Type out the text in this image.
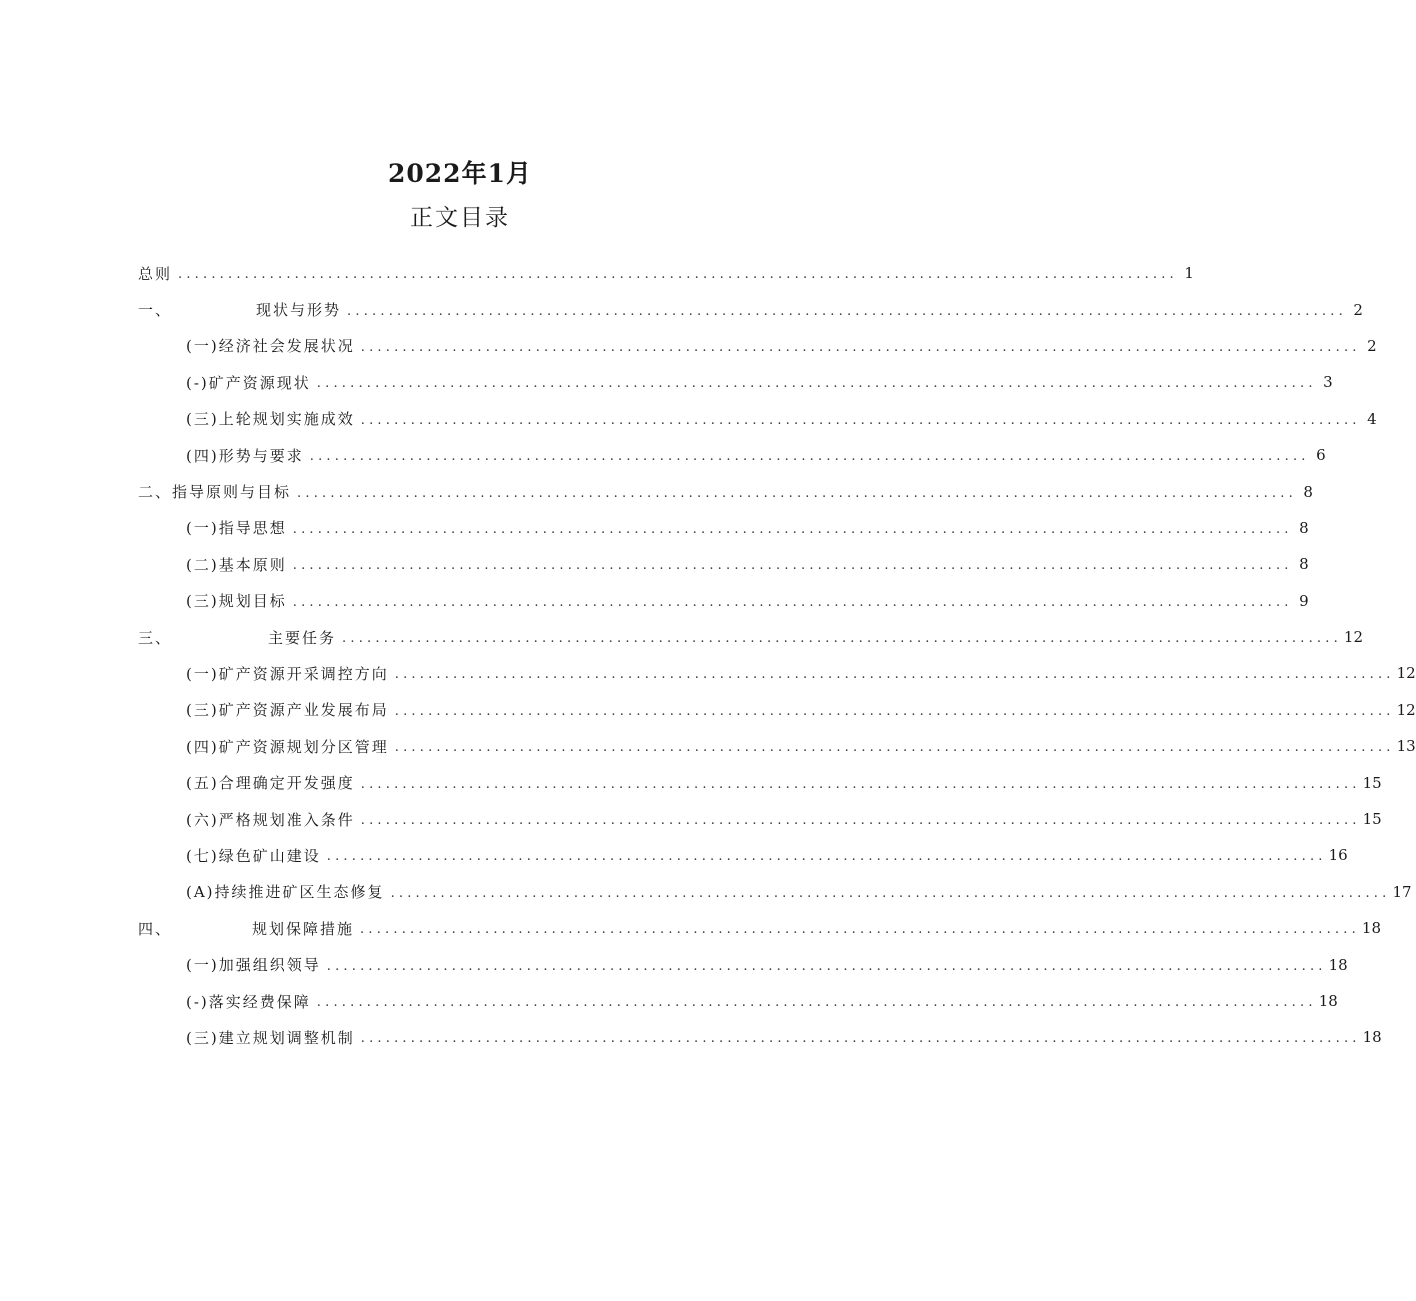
2022年1月
正文目录
总则 ........................................................................................................................ 1
一、	现状与形势 ........................................................................................................................ 2
(一)经济社会发展状况 ........................................................................................................................ 2
(-)矿产资源现状 ........................................................................................................................ 3
(三)上轮规划实施成效 ........................................................................................................................ 4
(四)形势与要求 ........................................................................................................................ 6
二、指导原则与目标 ........................................................................................................................ 8
(一)指导思想 ........................................................................................................................ 8
(二)基本原则 ........................................................................................................................ 8
(三)规划目标 ........................................................................................................................ 9
三、	主要任务 ........................................................................................................................ 12
(一)矿产资源开采调控方向 ........................................................................................................................ 12
(三)矿产资源产业发展布局 ........................................................................................................................ 12
(四)矿产资源规划分区管理 ........................................................................................................................ 13
(五)合理确定开发强度 ........................................................................................................................ 15
(六)严格规划准入条件 ........................................................................................................................ 15
(七)绿色矿山建设 ........................................................................................................................ 16
(A)持续推进矿区生态修复 ........................................................................................................................ 17
四、	规划保障措施 ........................................................................................................................ 18
(一)加强组织领导 ........................................................................................................................ 18
(-)落实经费保障 ........................................................................................................................ 18
(三)建立规划调整机制 ........................................................................................................................ 18
